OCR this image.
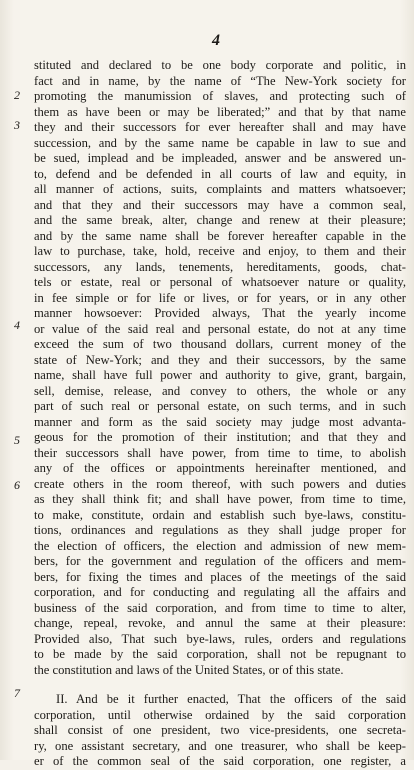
4
2
3
4
5
6
7
stituted and declared to be one body corporate and politic, in
fact and in name, by the name of “The New-York society for
promoting the manumission of slaves, and protecting such of
them as have been or may be liberated;” and that by that name
they and their successors for ever hereafter shall and may have
succession, and by the same name be capable in law to sue and
be sued, implead and be impleaded, answer and be answered un-
to, defend and be defended in all courts of law and equity, in
all manner of actions, suits, complaints and matters whatsoever;
and that they and their successors may have a common seal,
and the same break, alter, change and renew at their pleasure;
and by the same name shall be forever hereafter capable in the
law to purchase, take, hold, receive and enjoy, to them and their
successors, any lands, tenements, hereditaments, goods, chat-
tels or estate, real or personal of whatsoever nature or quality,
in fee simple or for life or lives, or for years, or in any other
manner howsoever: Provided always, That the yearly income
or value of the said real and personal estate, do not at any time
exceed the sum of two thousand dollars, current money of the
state of New-York; and they and their successors, by the same
name, shall have full power and authority to give, grant, bargain,
sell, demise, release, and convey to others, the whole or any
part of such real or personal estate, on such terms, and in such
manner and form as the said society may judge most advanta-
geous for the promotion of their institution; and that they and
their successors shall have power, from time to time, to abolish
any of the offices or appointments hereinafter mentioned, and
create others in the room thereof, with such powers and duties
as they shall think fit; and shall have power, from time to time,
to make, constitute, ordain and establish such bye-laws, constitu-
tions, ordinances and regulations as they shall judge proper for
the election of officers, the election and admission of new mem-
bers, for the government and regulation of the officers and mem-
bers, for fixing the times and places of the meetings of the said
corporation, and for conducting and regulating all the affairs and
business of the said corporation, and from time to time to alter,
change, repeal, revoke, and annul the same at their pleasure:
Provided also, That such bye-laws, rules, orders and regulations
to be made by the said corporation, shall not be repugnant to
the constitution and laws of the United States, or of this state.
II. And be it further enacted, That the officers of the said
corporation, until otherwise ordained by the said corporation
shall consist of one president, two vice-presidents, one secreta-
ry, one assistant secretary, and one treasurer, who shall be keep-
er of the common seal of the said corporation, one register, a
